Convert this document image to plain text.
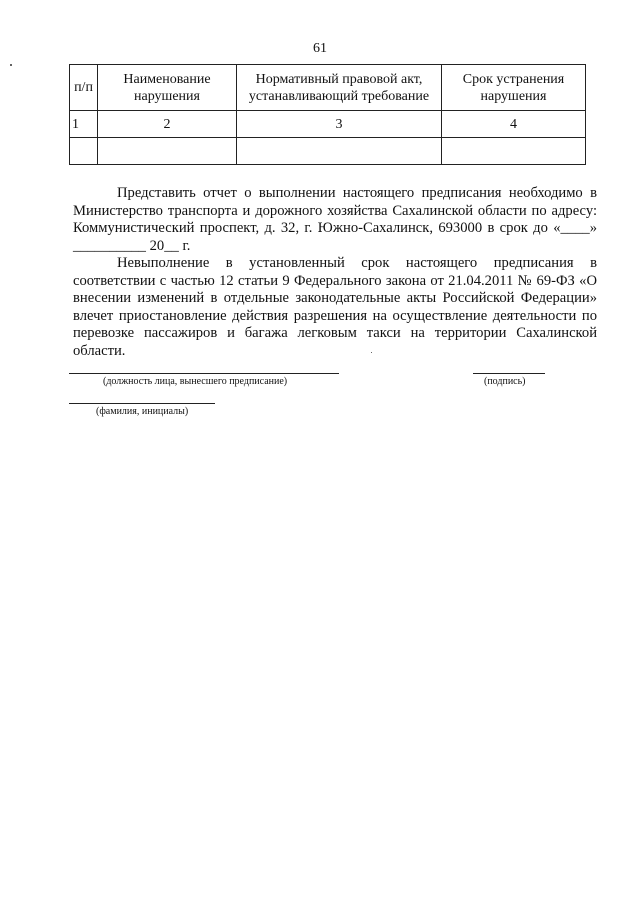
61
п/п	Наименование нарушения	Нормативный правовой акт, устанавливающий требование	Срок устранения нарушения
1	2	3	4

Представить отчет о выполнении настоящего предписания необходимо в Министерство транспорта и дорожного хозяйства Сахалинской области по адресу: Коммунистический проспект, д. 32, г. Южно-Сахалинск, 693000 в срок до «____» __________ 20__ г.
Невыполнение в установленный срок настоящего предписания в соответствии с частью 12 статьи 9 Федерального закона от 21.04.2011 № 69-ФЗ «О внесении изменений в отдельные законодательные акты Российской Федерации» влечет приостановление действия разрешения на осуществление деятельности по перевозке пассажиров и багажа легковым такси на территории Сахалинской области.
(должность лица, вынесшего предписание)	(подпись)
(фамилия, инициалы)
